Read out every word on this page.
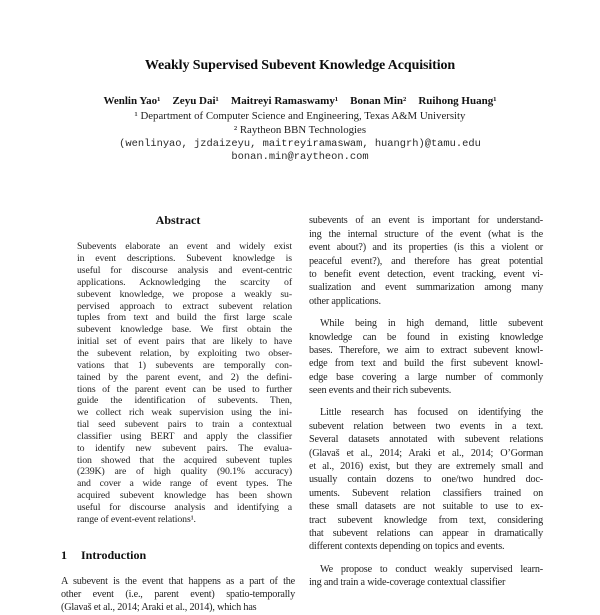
Weakly Supervised Subevent Knowledge Acquisition
Wenlin Yao¹ Zeyu Dai¹ Maitreyi Ramaswamy¹ Bonan Min² Ruihong Huang¹
¹ Department of Computer Science and Engineering, Texas A&M University
² Raytheon BBN Technologies
(wenlinyao, jzdaizeyu, maitreyiramaswam, huangrh)@tamu.edu
bonan.min@raytheon.com
Abstract
Subevents elaborate an event and widely exist
in event descriptions. Subevent knowledge is
useful for discourse analysis and event-centric
applications. Acknowledging the scarcity of
subevent knowledge, we propose a weakly su-
pervised approach to extract subevent relation
tuples from text and build the first large scale
subevent knowledge base. We first obtain the
initial set of event pairs that are likely to have
the subevent relation, by exploiting two obser-
vations that 1) subevents are temporally con-
tained by the parent event, and 2) the defini-
tions of the parent event can be used to further
guide the identification of subevents. Then,
we collect rich weak supervision using the ini-
tial seed subevent pairs to train a contextual
classifier using BERT and apply the classifier
to identify new subevent pairs. The evalua-
tion showed that the acquired subevent tuples
(239K) are of high quality (90.1% accuracy)
and cover a wide range of event types. The
acquired subevent knowledge has been shown
useful for discourse analysis and identifying a
range of event-event relations¹.
1 Introduction
A subevent is the event that happens as a part of the
other event (i.e., parent event) spatio-temporally
(Glavaš et al., 2014; Araki et al., 2014), which has
subevents of an event is important for understand-
ing the internal structure of the event (what is the
event about?) and its properties (is this a violent or
peaceful event?), and therefore has great potential
to benefit event detection, event tracking, event vi-
sualization and event summarization among many
other applications.
While being in high demand, little subevent
knowledge can be found in existing knowledge
bases. Therefore, we aim to extract subevent knowl-
edge from text and build the first subevent knowl-
edge base covering a large number of commonly
seen events and their rich subevents.
Little research has focused on identifying the
subevent relation between two events in a text.
Several datasets annotated with subevent relations
(Glavaš et al., 2014; Araki et al., 2014; O’Gorman
et al., 2016) exist, but they are extremely small and
usually contain dozens to one/two hundred doc-
uments. Subevent relation classifiers trained on
these small datasets are not suitable to use to ex-
tract subevent knowledge from text, considering
that subevent relations can appear in dramatically
different contexts depending on topics and events.
We propose to conduct weakly supervised learn-
ing and train a wide-coverage contextual classifier
